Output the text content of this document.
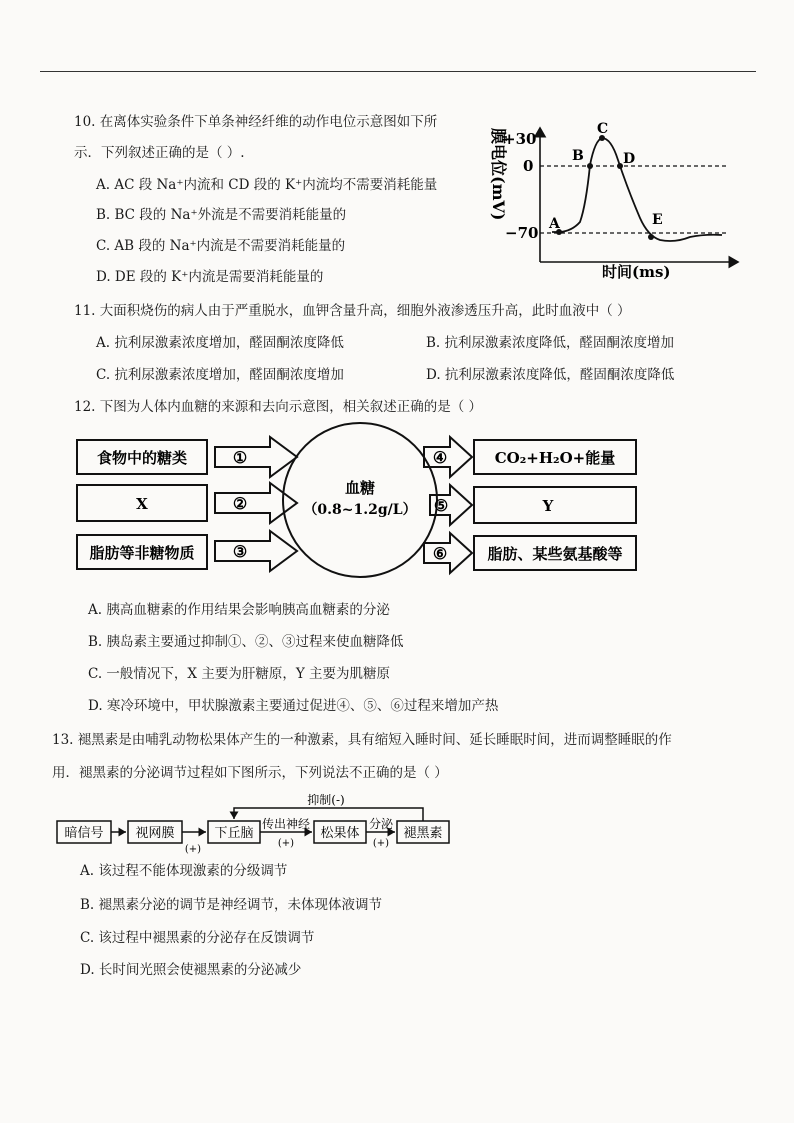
10. 在离体实验条件下单条神经纤维的动作电位示意图如下所
示．下列叙述正确的是（ ）.
A. AC 段 Na⁺内流和 CD 段的 K⁺内流均不需要消耗能量
B. BC 段的 Na⁺外流是不需要消耗能量的
C. AB 段的 Na⁺内流是不需要消耗能量的
D. DE 段的 K⁺内流是需要消耗能量的
A
B
C
D
E
+30
0
−70
时间(ms)
膜电位(mV)
食物中的糖类
X
脂肪等非糖物质
①
②
③
血糖
（0.8~1.2g/L）
④
⑤
⑥
CO₂+H₂O+能量
Y
脂肪、某些氨基酸等
暗信号 视网膜	下丘脑	松果体	褪黑素
(+)
传出神经
(+)
分泌
(+)
抑制(-)
11. 大面积烧伤的病人由于严重脱水，血钾含量升高，细胞外液渗透压升高，此时血液中（ ）
A. 抗利尿激素浓度增加，醛固酮浓度降低	B. 抗利尿激素浓度降低，醛固酮浓度增加
C. 抗利尿激素浓度增加，醛固酮浓度增加	D. 抗利尿激素浓度降低，醛固酮浓度降低
12. 下图为人体内血糖的来源和去向示意图，相关叙述正确的是（ ）
A. 胰高血糖素的作用结果会影响胰高血糖素的分泌
B. 胰岛素主要通过抑制①、②、③过程来使血糖降低
C. 一般情况下，X 主要为肝糖原，Y 主要为肌糖原
D. 寒冷环境中，甲状腺激素主要通过促进④、⑤、⑥过程来增加产热
13. 褪黑素是由哺乳动物松果体产生的一种激素，具有缩短入睡时间、延长睡眠时间，进而调整睡眠的作
用．褪黑素的分泌调节过程如下图所示，下列说法不正确的是（ ）
A. 该过程不能体现激素的分级调节
B. 褪黑素分泌的调节是神经调节，未体现体液调节
C. 该过程中褪黑素的分泌存在反馈调节
D. 长时间光照会使褪黑素的分泌减少
